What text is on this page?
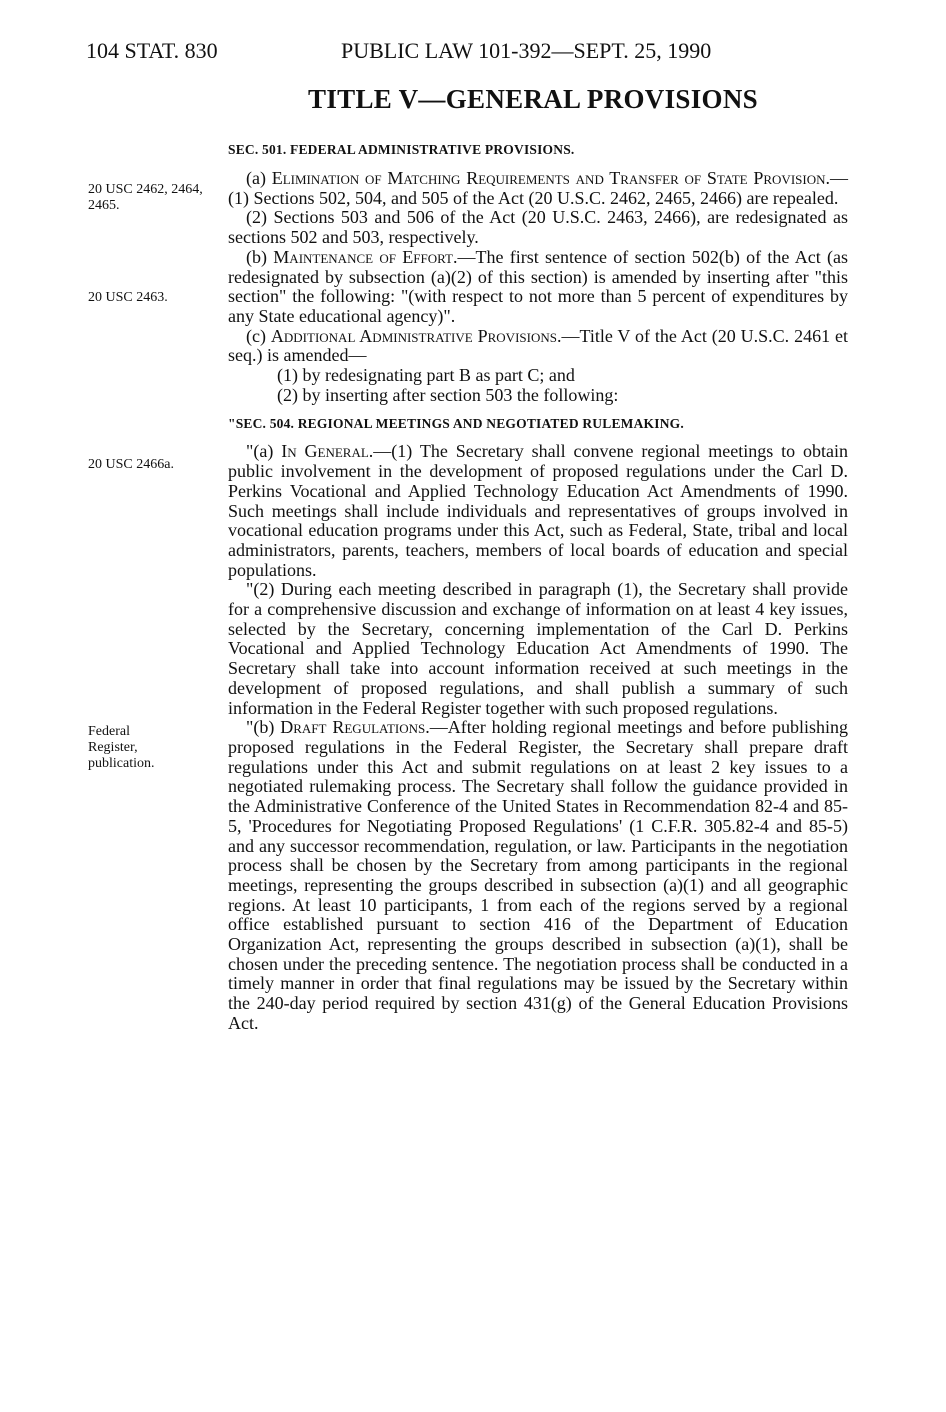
104 STAT. 830	PUBLIC LAW 101-392—SEPT. 25, 1990
TITLE V—GENERAL PROVISIONS
20 USC 2462, 2464, 2465.
20 USC 2463.
20 USC 2466a.
Federal Register, publication.
SEC. 501. FEDERAL ADMINISTRATIVE PROVISIONS.

(a) Elimination of Matching Requirements and Transfer of State Provision.—(1) Sections 502, 504, and 505 of the Act (20 U.S.C. 2462, 2465, 2466) are repealed.

(2) Sections 503 and 506 of the Act (20 U.S.C. 2463, 2466), are redesignated as sections 502 and 503, respectively.

(b) Maintenance of Effort.—The first sentence of section 502(b) of the Act (as redesignated by subsection (a)(2) of this section) is amended by inserting after "this section" the following: "(with respect to not more than 5 percent of expenditures by any State educational agency)".

(c) Additional Administrative Provisions.—Title V of the Act (20 U.S.C. 2461 et seq.) is amended—

(1) by redesignating part B as part C; and

(2) by inserting after section 503 the following:

"SEC. 504. REGIONAL MEETINGS AND NEGOTIATED RULEMAKING.

"(a) In General.—(1) The Secretary shall convene regional meetings to obtain public involvement in the development of proposed regulations under the Carl D. Perkins Vocational and Applied Technology Education Act Amendments of 1990. Such meetings shall include individuals and representatives of groups involved in vocational education programs under this Act, such as Federal, State, tribal and local administrators, parents, teachers, members of local boards of education and special populations.

"(2) During each meeting described in paragraph (1), the Secretary shall provide for a comprehensive discussion and exchange of information on at least 4 key issues, selected by the Secretary, concerning implementation of the Carl D. Perkins Vocational and Applied Technology Education Act Amendments of 1990. The Secretary shall take into account information received at such meetings in the development of proposed regulations, and shall publish a summary of such information in the Federal Register together with such proposed regulations.

"(b) Draft Regulations.—After holding regional meetings and before publishing proposed regulations in the Federal Register, the Secretary shall prepare draft regulations under this Act and submit regulations on at least 2 key issues to a negotiated rulemaking process. The Secretary shall follow the guidance provided in the Administrative Conference of the United States in Recommendation 82-4 and 85-5, 'Procedures for Negotiating Proposed Regulations' (1 C.F.R. 305.82-4 and 85-5) and any successor recommendation, regulation, or law. Participants in the negotiation process shall be chosen by the Secretary from among participants in the regional meetings, representing the groups described in subsection (a)(1) and all geographic regions. At least 10 participants, 1 from each of the regions served by a regional office established pursuant to section 416 of the Department of Education Organization Act, representing the groups described in subsection (a)(1), shall be chosen under the preceding sentence. The negotiation process shall be conducted in a timely manner in order that final regulations may be issued by the Secretary within the 240-day period required by section 431(g) of the General Education Provisions Act.
